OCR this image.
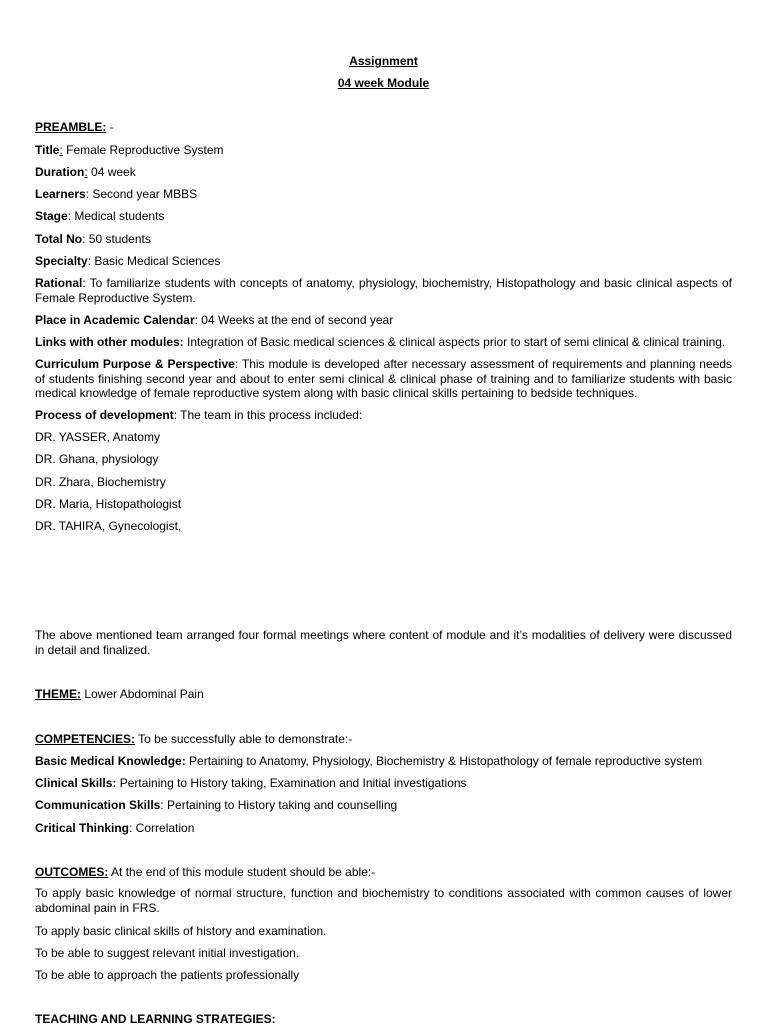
Assignment
04 week Module
PREAMBLE: -
Title: Female Reproductive System
Duration: 04 week
Learners: Second year MBBS
Stage: Medical students
Total No: 50 students
Specialty: Basic Medical Sciences
Rational: To familiarize students with concepts of anatomy, physiology, biochemistry, Histopathology and basic clinical aspects of Female Reproductive System.
Place in Academic Calendar: 04 Weeks at the end of second year
Links with other modules: Integration of Basic medical sciences & clinical aspects prior to start of semi clinical & clinical training.
Curriculum Purpose & Perspective: This module is developed after necessary assessment of requirements and planning needs of students finishing second year and about to enter semi clinical & clinical phase of training and to familiarize students with basic medical knowledge of female reproductive system along with basic clinical skills pertaining to bedside techniques.
Process of development: The team in this process included:
DR. YASSER, Anatomy
DR. Ghana, physiology
DR. Zhara, Biochemistry
DR. Maria, Histopathologist
DR. TAHIRA, Gynecologist,
The above mentioned team arranged four formal meetings where content of module and it’s modalities of delivery were discussed in detail and finalized.
THEME: Lower Abdominal Pain
COMPETENCIES: To be successfully able to demonstrate:-
Basic Medical Knowledge: Pertaining to Anatomy, Physiology, Biochemistry & Histopathology of female reproductive system
Clinical Skills: Pertaining to History taking, Examination and Initial investigations
Communication Skills: Pertaining to History taking and counselling
Critical Thinking: Correlation
OUTCOMES: At the end of this module student should be able:-
To apply basic knowledge of normal structure, function and biochemistry to conditions associated with common causes of lower abdominal pain in FRS.
To apply basic clinical skills of history and examination.
To be able to suggest relevant initial investigation.
To be able to approach the patients professionally
TEACHING AND LEARNING STRATEGIES:
